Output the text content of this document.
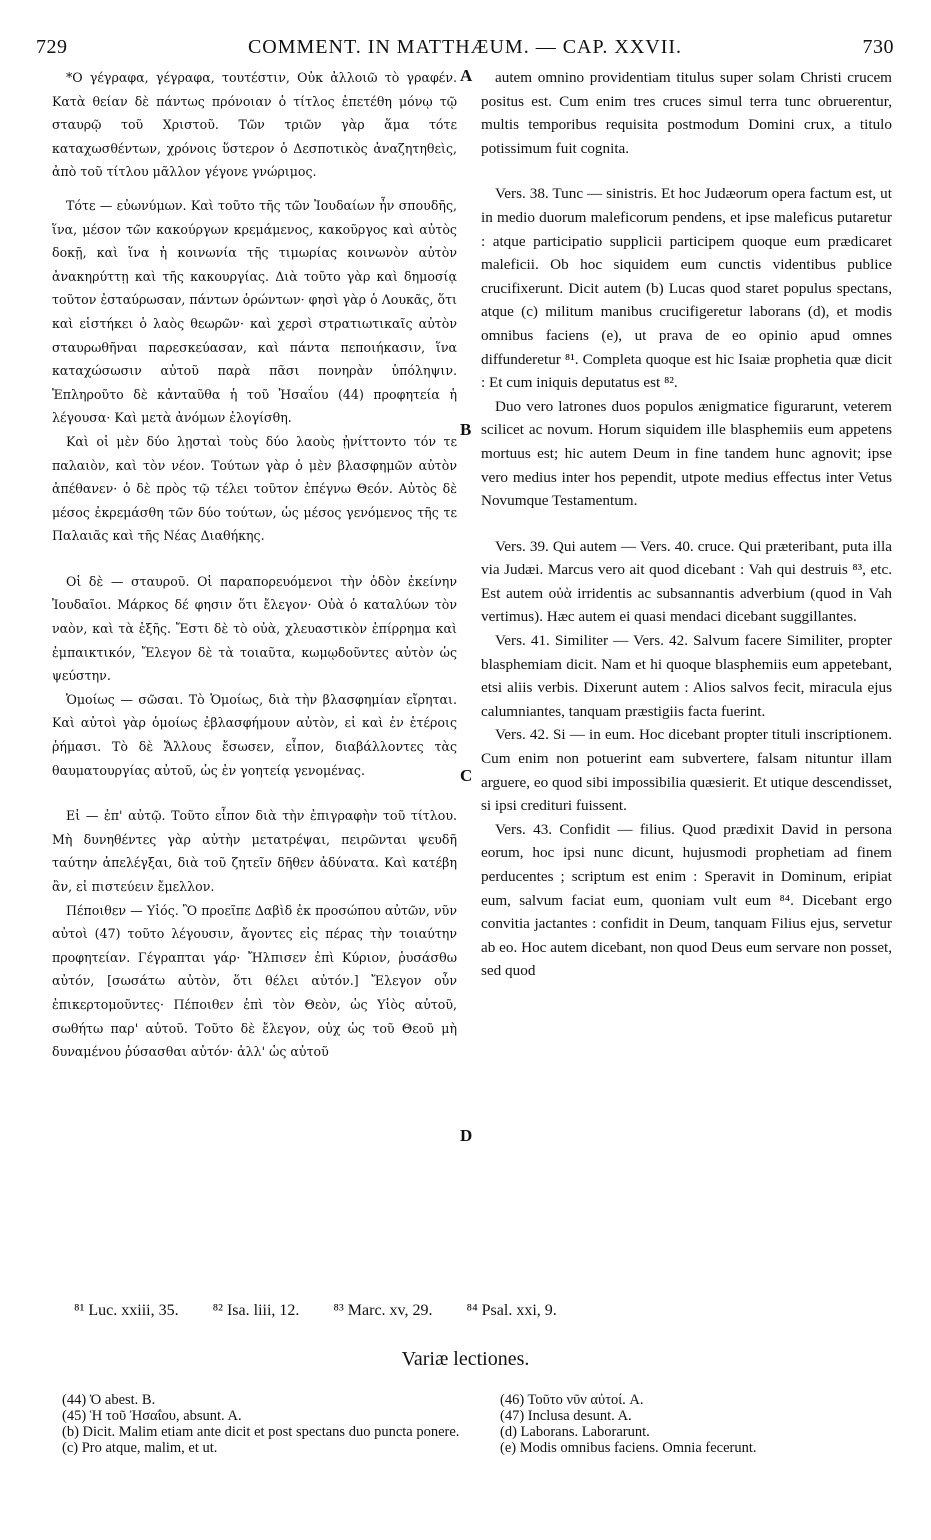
729	COMMENT. IN MATTHÆUM. — CAP. XXVII.	730

*Ο γέγραφα, γέγραφα, τουτέστιν, Οὐκ ἀλλοιῶ τὸ γραφέν. Κατὰ θείαν δὲ πάντως πρόνοιαν ὁ τίτλος ἐπετέθη μόνῳ τῷ σταυρῷ τοῦ Χριστοῦ. Τῶν τριῶν γὰρ ἅμα τότε καταχωσθέντων, χρόνοις ὕστερον ὁ Δεσποτικὸς ἀναζητηθεὶς, ἀπὸ τοῦ τίτλου μᾶλλον γέγονε γνώριμος.

Τότε — εὐωνύμων. Καὶ τοῦτο τῆς τῶν Ἰουδαίων ἦν σπουδῆς, ἵνα, μέσον τῶν κακούργων κρεμάμενος, κακοῦργος καὶ αὐτὸς δοκῇ, καὶ ἵνα ἡ κοινωνία τῆς τιμωρίας κοινωνὸν αὐτὸν ἀνακηρύττῃ καὶ τῆς κακουργίας. Διὰ τοῦτο γὰρ καὶ δημοσίᾳ τοῦτον ἐσταύρωσαν, πάντων ὁρώντων· φησὶ γὰρ ὁ Λουκᾶς, ὅτι καὶ εἱστήκει ὁ λαὸς θεωρῶν· καὶ χερσὶ στρατιωτικαῖς αὐτὸν σταυρωθῆναι παρεσκεύασαν, καὶ πάντα πεποιήκασιν, ἵνα καταχώσωσιν αὐτοῦ παρὰ πᾶσι πονηρὰν ὑπόληψιν. Ἐπληροῦτο δὲ κἀνταῦθα ἡ τοῦ Ἠσαΐου (44) προφητεία ἡ λέγουσα· Καὶ μετὰ ἀνόμων ἐλογίσθη.

Καὶ οἱ μὲν δύο λῃσταὶ τοὺς δύο λαοὺς ᾐνίττοντο τόν τε παλαιὸν, καὶ τὸν νέον. Τούτων γὰρ ὁ μὲν βλασφημῶν αὐτὸν ἀπέθανεν· ὁ δὲ πρὸς τῷ τέλει τοῦτον ἐπέγνω Θεόν. Αὐτὸς δὲ μέσος ἐκρεμάσθη τῶν δύο τούτων, ὡς μέσος γενόμενος τῆς τε Παλαιᾶς καὶ τῆς Νέας Διαθήκης.

Οἱ δὲ — σταυροῦ. Οἱ παραπορευόμενοι τὴν ὁδὸν ἐκείνην Ἰουδαῖοι. Μάρκος δέ φησιν ὅτι ἔλεγον· Οὐὰ ὁ καταλύων τὸν ναὸν, καὶ τὰ ἑξῆς. Ἔστι δὲ τὸ οὐὰ, χλευαστικὸν ἐπίρρημα καὶ ἐμπαικτικόν, Ἔλεγον δὲ τὰ τοιαῦτα, κωμῳδοῦντες αὐτὸν ὡς ψεύστην.

Ὁμοίως — σῶσαι. Τὸ Ὁμοίως, διὰ τὴν βλασφημίαν εἴρηται. Καὶ αὐτοὶ γὰρ ὁμοίως ἐβλασφήμουν αὐτὸν, εἰ καὶ ἐν ἑτέροις ῥήμασι. Τὸ δὲ Ἄλλους ἔσωσεν, εἶπον, διαβάλλοντες τὰς θαυματουργίας αὐτοῦ, ὡς ἐν γοητείᾳ γενομένας.

Εἰ — ἐπ' αὐτῷ. Τοῦτο εἶπον διὰ τὴν ἐπιγραφὴν τοῦ τίτλου. Μὴ δυνηθέντες γὰρ αὐτὴν μετατρέψαι, πειρῶνται ψευδῆ ταύτην ἀπελέγξαι, διὰ τοῦ ζητεῖν δῆθεν ἀδύνατα. Καὶ κατέβη ἂν, εἰ πιστεύειν ἔμελλον.

Πέποιθεν — Υἱός. Ὃ προεῖπε Δαβὶδ ἐκ προσώπου αὐτῶν, νῦν αὐτοὶ (47) τοῦτο λέγουσιν, ἄγοντες εἰς πέρας τὴν τοιαύτην προφητείαν. Γέγραπται γάρ· Ἤλπισεν ἐπὶ Κύριον, ῥυσάσθω αὐτόν, [σωσάτω αὐτὸν, ὅτι θέλει αὐτόν.] Ἔλεγον οὖν ἐπικερτομοῦντες· Πέποιθεν ἐπὶ τὸν Θεὸν, ὡς Υἱὸς αὐτοῦ, σωθήτω παρ' αὐτοῦ. Τοῦτο δὲ ἔλεγον, οὐχ ὡς τοῦ Θεοῦ μὴ δυναμένου ῥύσασθαι αὐτόν· ἀλλ' ὡς αὐτοῦ

A
B
C
D

autem omnino providentiam titulus super solam Christi crucem positus est. Cum enim tres cruces simul terra tunc obruerentur, multis temporibus requisita postmodum Domini crux, a titulo potissimum fuit cognita.

Vers. 38. Tunc — sinistris. Et hoc Judæorum opera factum est, ut in medio duorum maleficorum pendens, et ipse maleficus putaretur : atque participatio supplicii participem quoque eum prædicaret maleficii. Ob hoc siquidem eum cunctis videntibus publice crucifixerunt. Dicit autem (b) Lucas quod staret populus spectans, atque (c) militum manibus crucifigeretur laborans (d), et modis omnibus faciens (e), ut prava de eo opinio apud omnes diffunderetur ⁸¹. Completa quoque est hic Isaiæ prophetia quæ dicit : Et cum iniquis deputatus est ⁸².

Duo vero latrones duos populos ænigmatice figurarunt, veterem scilicet ac novum. Horum siquidem ille blasphemiis eum appetens mortuus est; hic autem Deum in fine tandem hunc agnovit; ipse vero medius inter hos pependit, utpote medius effectus inter Vetus Novumque Testamentum.

Vers. 39. Qui autem — Vers. 40. cruce. Qui præteribant, puta illa via Judæi. Marcus vero ait quod dicebant : Vah qui destruis ⁸³, etc. Est autem οὐὰ irridentis ac subsannantis adverbium (quod in Vah vertimus). Hæc autem ei quasi mendaci dicebant suggillantes.

Vers. 41. Similiter — Vers. 42. Salvum facere Similiter, propter blasphemiam dicit. Nam et hi quoque blasphemiis eum appetebant, etsi aliis verbis. Dixerunt autem : Alios salvos fecit, miracula ejus calumniantes, tanquam præstigiis facta fuerint.

Vers. 42. Si — in eum. Hoc dicebant propter tituli inscriptionem. Cum enim non potuerint eam subvertere, falsam nituntur illam arguere, eo quod sibi impossibilia quæsierit. Et utique descendisset, si ipsi credituri fuissent.

Vers. 43. Confidit — filius. Quod prædixit David in persona eorum, hoc ipsi nunc dicunt, hujusmodi prophetiam ad finem perducentes ; scriptum est enim : Speravit in Dominum, eripiat eum, salvum faciat eum, quoniam vult eum ⁸⁴. Dicebant ergo convitia jactantes : confidit in Deum, tanquam Filius ejus, servetur ab eo. Hoc autem dicebant, non quod Deus eum servare non posset, sed quod

⁸¹ Luc. xxiii, 35. ⁸² Isa. liii, 12. ⁸³ Marc. xv, 29. ⁸⁴ Psal. xxi, 9.
Variæ lectiones.
(44) Ὁ abest. B.
(45) Ἡ τοῦ Ἠσαΐου, absunt. A.
(46) Τοῦτο νῦν αὐτοί. A.
(47) Inclusa desunt. A.
(b) Dicit. Malim etiam ante dicit et post spectans duo puncta ponere.
(c) Pro atque, malim, et ut.
(d) Laborans. Laborarunt.
(e) Modis omnibus faciens. Omnia fecerunt.
